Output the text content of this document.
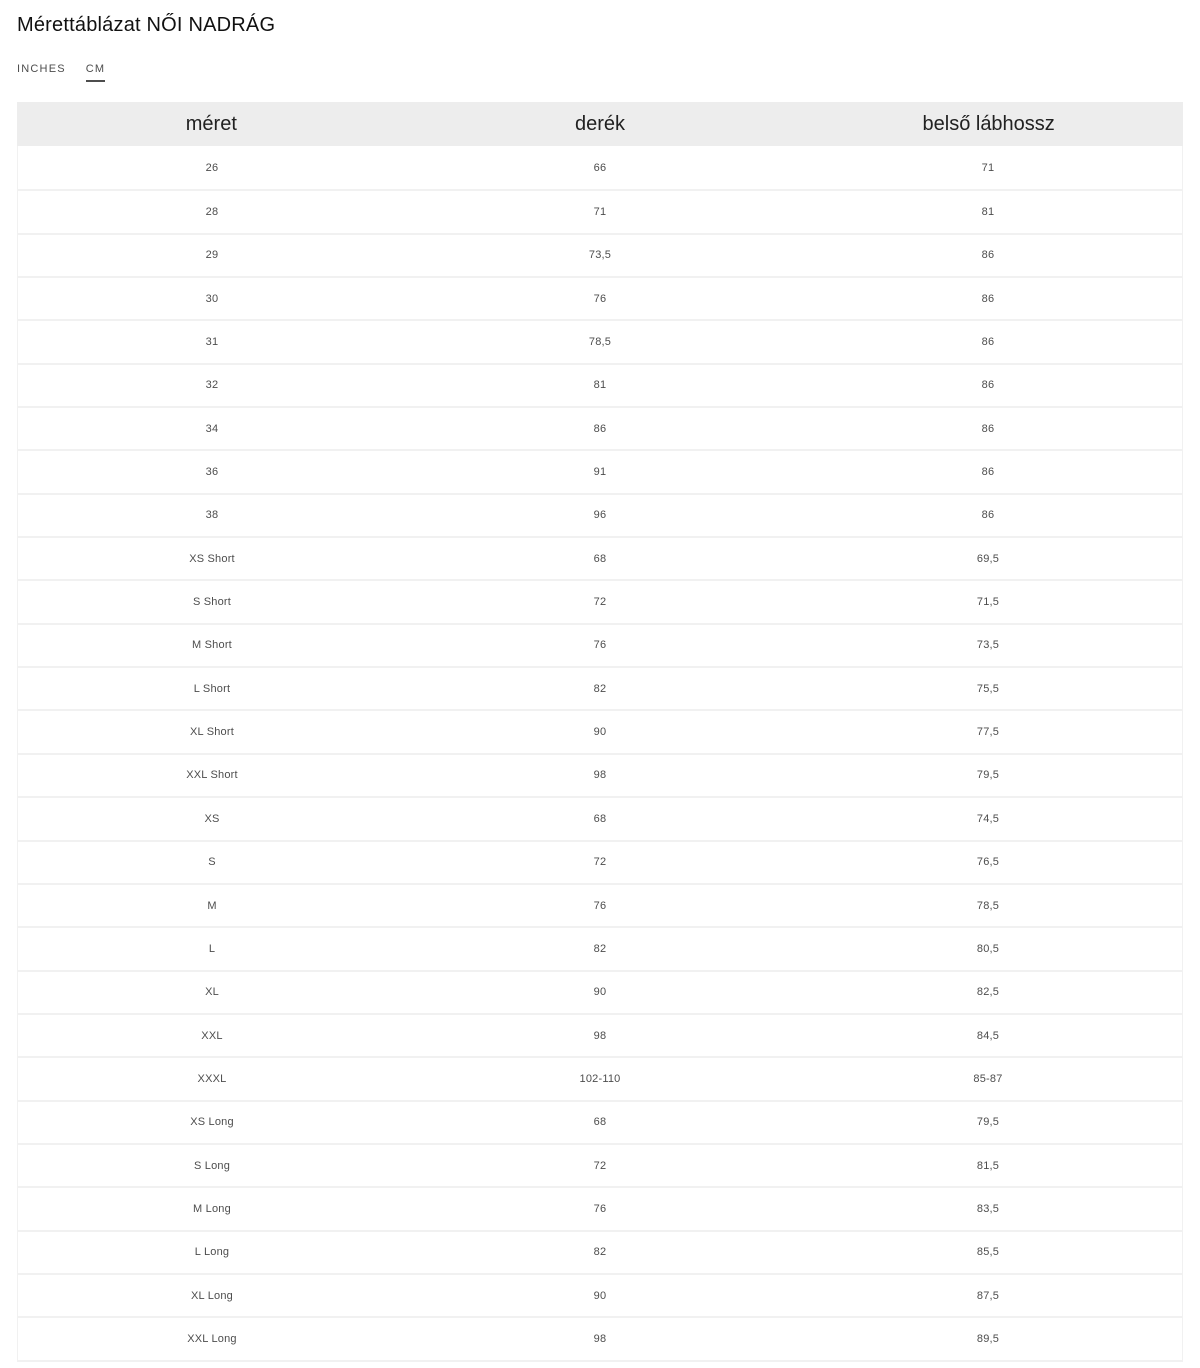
Mérettáblázat NŐI NADRÁG
INCHES CM
méret	derék	belső lábhossz
26	66	71
28	71	81
29	73,5	86
30	76	86
31	78,5	86
32	81	86
34	86	86
36	91	86
38	96	86
XS Short	68	69,5
S Short	72	71,5
M Short	76	73,5
L Short	82	75,5
XL Short	90	77,5
XXL Short	98	79,5
XS	68	74,5
S	72	76,5
M	76	78,5
L	82	80,5
XL	90	82,5
XXL	98	84,5
XXXL	102-110	85-87
XS Long	68	79,5
S Long	72	81,5
M Long	76	83,5
L Long	82	85,5
XL Long	90	87,5
XXL Long	98	89,5
